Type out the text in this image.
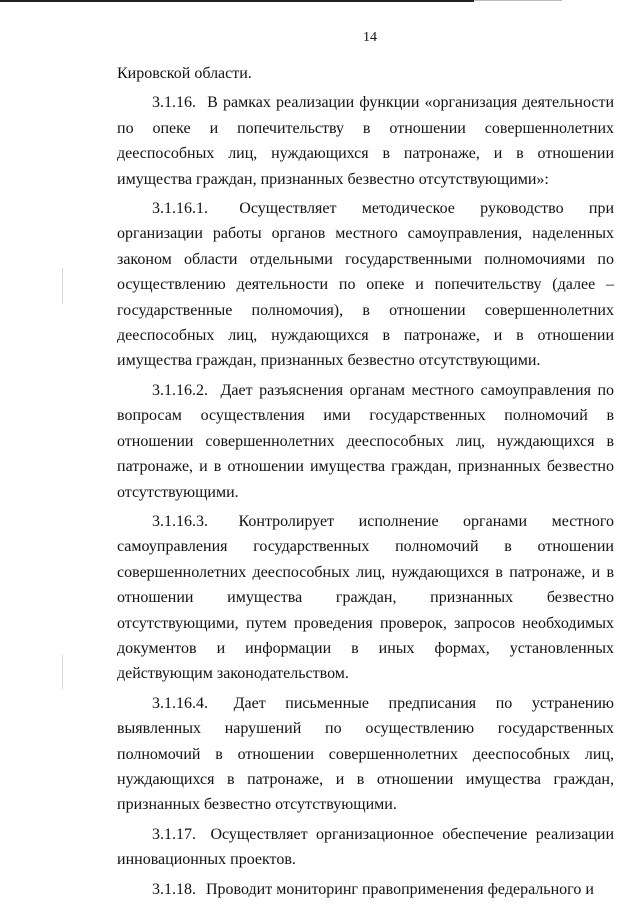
14

Кировской области.

3.1.16. В рамках реализации функции «организация деятельности по опеке и попечительству в отношении совершеннолетних дееспособных лиц, нуждающихся в патронаже, и в отношении имущества граждан, признанных безвестно отсутствующими»:

3.1.16.1. Осуществляет методическое руководство при организации работы органов местного самоуправления, наделенных законом области отдельными государственными полномочиями по осуществлению деятельности по опеке и попечительству (далее – государственные полномочия), в отношении совершеннолетних дееспособных лиц, нуждающихся в патронаже, и в отношении имущества граждан, признанных безвестно отсутствующими.

3.1.16.2. Дает разъяснения органам местного самоуправления по вопросам осуществления ими государственных полномочий в отношении совершеннолетних дееспособных лиц, нуждающихся в патронаже, и в отношении имущества граждан, признанных безвестно отсутствующими.

3.1.16.3. Контролирует исполнение органами местного самоуправления государственных полномочий в отношении совершеннолетних дееспособных лиц, нуждающихся в патронаже, и в отношении имущества граждан, признанных безвестно отсутствующими, путем проведения проверок, запросов необходимых документов и информации в иных формах, установленных действующим законодательством.

3.1.16.4. Дает письменные предписания по устранению выявленных нарушений по осуществлению государственных полномочий в отношении совершеннолетних дееспособных лиц, нуждающихся в патронаже, и в отношении имущества граждан, признанных безвестно отсутствующими.

3.1.17. Осуществляет организационное обеспечение реализации инновационных проектов.

3.1.18. Проводит мониторинг правоприменения федерального и
